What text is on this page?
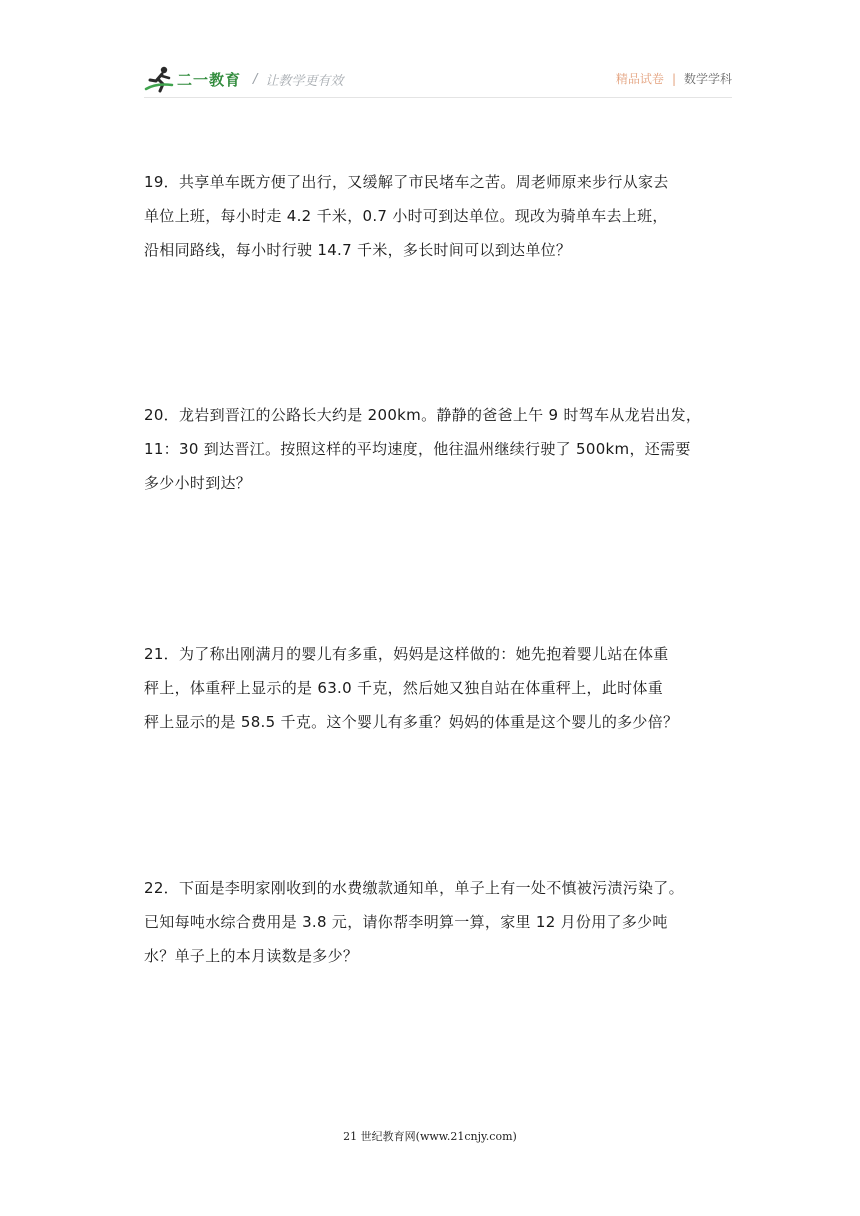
二一教育 / 让教学更有效	精品试卷 | 数学学科
19．共享单车既方便了出行，又缓解了市民堵车之苦。周老师原来步行从家去
单位上班，每小时走 4.2 千米，0.7 小时可到达单位。现改为骑单车去上班，
沿相同路线，每小时行驶 14.7 千米，多长时间可以到达单位？
20．龙岩到晋江的公路长大约是 200km。静静的爸爸上午 9 时驾车从龙岩出发，
11：30 到达晋江。按照这样的平均速度，他往温州继续行驶了 500km，还需要
多少小时到达？
21．为了称出刚满月的婴儿有多重，妈妈是这样做的：她先抱着婴儿站在体重
秤上，体重秤上显示的是 63.0 千克，然后她又独自站在体重秤上，此时体重
秤上显示的是 58.5 千克。这个婴儿有多重？妈妈的体重是这个婴儿的多少倍？
22．下面是李明家刚收到的水费缴款通知单，单子上有一处不慎被污渍污染了。
已知每吨水综合费用是 3.8 元，请你帮李明算一算，家里 12 月份用了多少吨
水？单子上的本月读数是多少？
21 世纪教育网(www.21cnjy.com)
